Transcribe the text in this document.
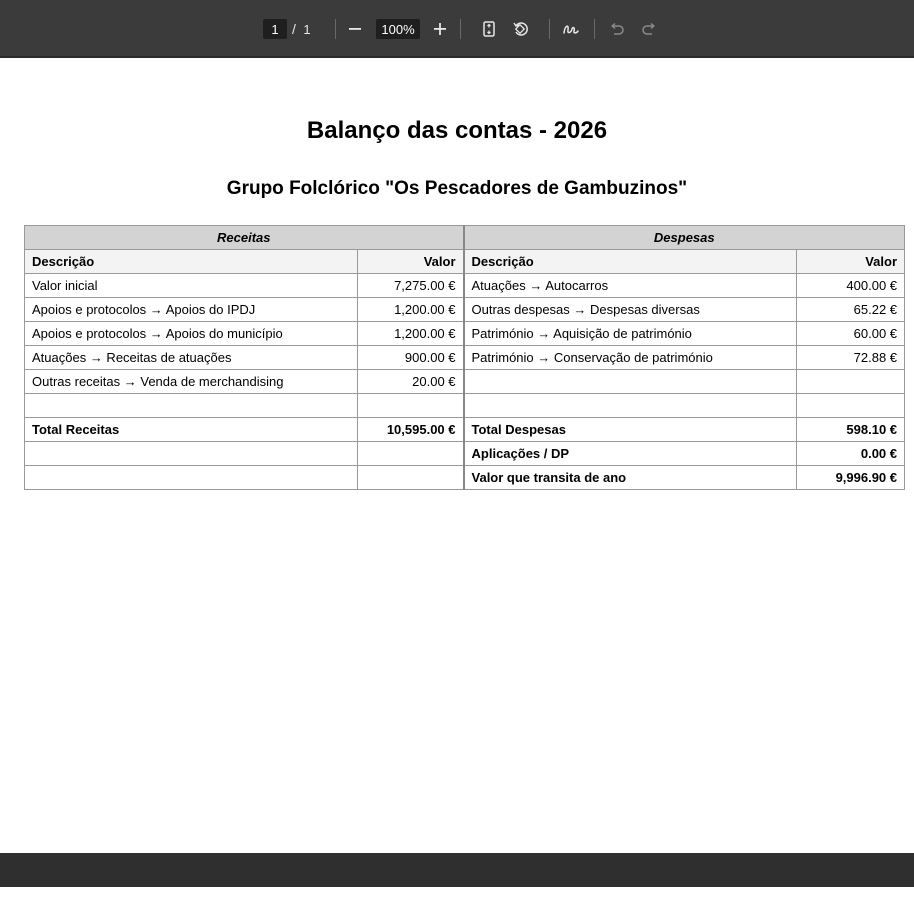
1 / 1	100%
Balanço das contas - 2026
Grupo Folclórico "Os Pescadores de Gambuzinos"
Receitas		Despesas	
Descrição	Valor	Descrição	Valor
Valor inicial	7,275.00 €	Atuações → Autocarros	400.00 €
Apoios e protocolos → Apoios do IPDJ	1,200.00 €	Outras despesas → Despesas diversas	65.22 €
Apoios e protocolos → Apoios do município	1,200.00 €	Património → Aquisição de património	60.00 €
Atuações → Receitas de atuações	900.00 €	Património → Conservação de património	72.88 €
Outras receitas → Venda de merchandising	20.00 €		

Total Receitas	10,595.00 €	Total Despesas	598.10 €
		Aplicações / DP	0.00 €
		Valor que transita de ano	9,996.90 €
